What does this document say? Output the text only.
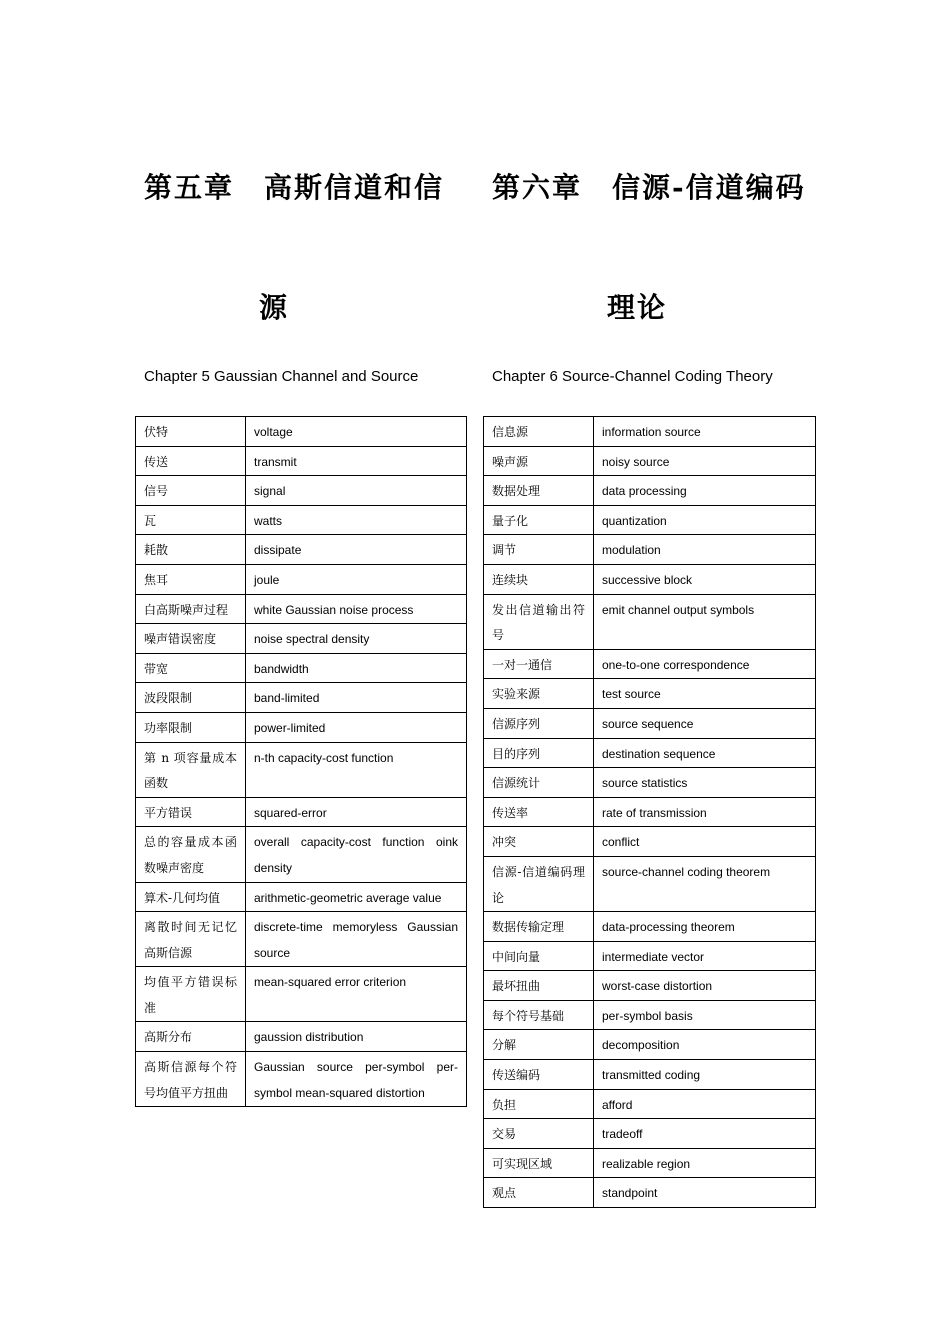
第五章　高斯信道和信
源
Chapter 5 Gaussian Channel and Source
伏特	voltage
传送	transmit
信号	signal
瓦	watts
耗散	dissipate
焦耳	joule
白高斯噪声过程	white Gaussian noise process
噪声错误密度	noise spectral density
带宽	bandwidth
波段限制	band-limited
功率限制	power-limited
第 n 项容量成本函数	n-th capacity-cost function
平方错误	squared-error
总的容量成本函数噪声密度	overall capacity-cost function oink density
算术-几何均值	arithmetic-geometric average value
离散时间无记忆高斯信源	discrete-time memoryless Gaussian source
均值平方错误标准	mean-squared error criterion
高斯分布	gaussion distribution
高斯信源每个符号均值平方扭曲	Gaussian source per-symbol per-symbol mean-squared distortion
第六章　信源-信道编码
理论
Chapter 6 Source-Channel Coding Theory
信息源	information source
噪声源	noisy source
数据处理	data processing
量子化	quantization
调节	modulation
连续块	successive block
发出信道输出符号	emit channel output symbols
一对一通信	one-to-one correspondence
实验来源	test source
信源序列	source sequence
目的序列	destination sequence
信源统计	source statistics
传送率	rate of transmission
冲突	conflict
信源-信道编码理论	source-channel coding theorem
数据传输定理	data-processing theorem
中间向量	intermediate vector
最坏扭曲	worst-case distortion
每个符号基础	per-symbol basis
分解	decomposition
传送编码	transmitted coding
负担	afford
交易	tradeoff
可实现区域	realizable region
观点	standpoint
